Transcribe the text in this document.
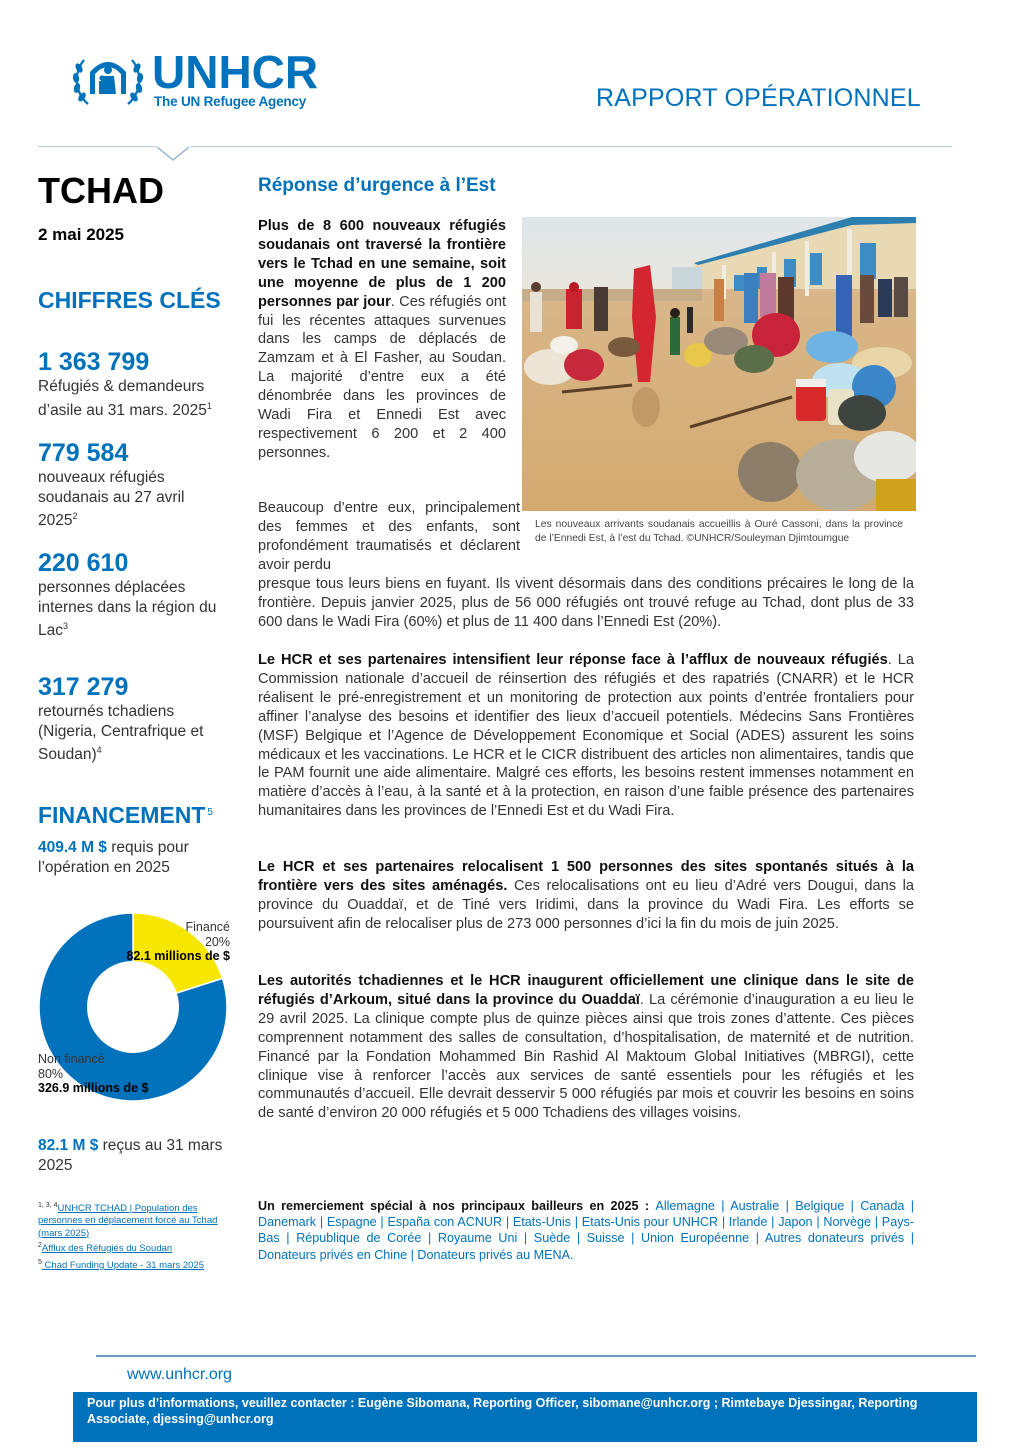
UNHCR
The UN Refugee Agency	RAPPORT OPÉRATIONNEL
TCHAD
2 mai 2025
CHIFFRES CLÉS
1 363 799
Réfugiés & demandeurs d’asile au 31 mars. 2025$^1$
779 584
nouveaux réfugiés soudanais au 27 avril 2025$^2$
220 610
personnes déplacées internes dans la région du Lac$^3$
317 279
retournés tchadiens (Nigeria, Centrafrique et Soudan)$^4$
FINANCEMENT $^5$
409.4 M $ requis pour l’opération en 2025
Financé
20%
82.1 millions de $
Non financé
80%
326.9 millions de $
82.1 M $ reçus au 31 mars 2025
$^{1, 3, 4}$UNHCR TCHAD | Population des personnes en déplacement forcé au Tchad (mars 2025)
$^2$Afflux des Réfugiés du Soudan
$^5$ Chad Funding Update - 31 mars 2025
Réponse d’urgence à l’Est
Plus de 8 600 nouveaux réfugiés soudanais ont traversé la frontière vers le Tchad en une semaine, soit une moyenne de plus de 1 200 personnes par jour. Ces réfugiés ont fui les récentes attaques survenues dans les camps de déplacés de Zamzam et à El Fasher, au Soudan. La majorité d’entre eux a été dénombrée dans les provinces de Wadi Fira et Ennedi Est avec respectivement 6 200 et 2 400 personnes.
Les nouveaux arrivants soudanais accueillis à Ouré Cassoni, dans la province de l’Ennedi Est, à l’est du Tchad. ©UNHCR/Souleyman Djimtoumgue
Beaucoup d’entre eux, principalement des femmes et des enfants, sont profondément traumatisés et déclarent avoir perdu
presque tous leurs biens en fuyant. Ils vivent désormais dans des conditions précaires le long de la frontière. Depuis janvier 2025, plus de 56 000 réfugiés ont trouvé refuge au Tchad, dont plus de 33 600 dans le Wadi Fira (60%) et plus de 11 400 dans l’Ennedi Est (20%).
Le HCR et ses partenaires intensifient leur réponse face à l’afflux de nouveaux réfugiés. La Commission nationale d’accueil de réinsertion des réfugiés et des rapatriés (CNARR) et le HCR réalisent le pré-enregistrement et un monitoring de protection aux points d’entrée frontaliers pour affiner l’analyse des besoins et identifier des lieux d’accueil potentiels. Médecins Sans Frontières (MSF) Belgique et l’Agence de Développement Economique et Social (ADES) assurent les soins médicaux et les vaccinations. Le HCR et le CICR distribuent des articles non alimentaires, tandis que le PAM fournit une aide alimentaire. Malgré ces efforts, les besoins restent immenses notamment en matière d’accès à l’eau, à la santé et à la protection, en raison d’une faible présence des partenaires humanitaires dans les provinces de l’Ennedi Est et du Wadi Fira.
Le HCR et ses partenaires relocalisent 1 500 personnes des sites spontanés situés à la frontière vers des sites aménagés. Ces relocalisations ont eu lieu d’Adré vers Dougui, dans la province du Ouaddaï, et de Tiné vers Iridimi, dans la province du Wadi Fira. Les efforts se poursuivent afin de relocaliser plus de 273 000 personnes d’ici la fin du mois de juin 2025.
Les autorités tchadiennes et le HCR inaugurent officiellement une clinique dans le site de réfugiés d’Arkoum, situé dans la province du Ouaddaï. La cérémonie d’inauguration a eu lieu le 29 avril 2025. La clinique compte plus de quinze pièces ainsi que trois zones d’attente. Ces pièces comprennent notamment des salles de consultation, d’hospitalisation, de maternité et de nutrition. Financé par la Fondation Mohammed Bin Rashid Al Maktoum Global Initiatives (MBRGI), cette clinique vise à renforcer l’accès aux services de santé essentiels pour les réfugiés et les communautés d’accueil. Elle devrait desservir 5 000 réfugiés par mois et couvrir les besoins en soins de santé d’environ 20 000 réfugiés et 5 000 Tchadiens des villages voisins.
Un remerciement spécial à nos principaux bailleurs en 2025 : Allemagne | Australie | Belgique | Canada | Danemark | Espagne | España con ACNUR | Etats-Unis | Etats-Unis pour UNHCR | Irlande | Japon | Norvège | Pays-Bas | République de Corée | Royaume Uni | Suède | Suisse | Union Européenne | Autres donateurs privés | Donateurs privés en Chine | Donateurs privés au MENA.
www.unhcr.org
Pour plus d’informations, veuillez contacter : Eugène Sibomana, Reporting Officer, sibomane@unhcr.org ; Rimtebaye Djessingar, Reporting Associate, djessing@unhcr.org
